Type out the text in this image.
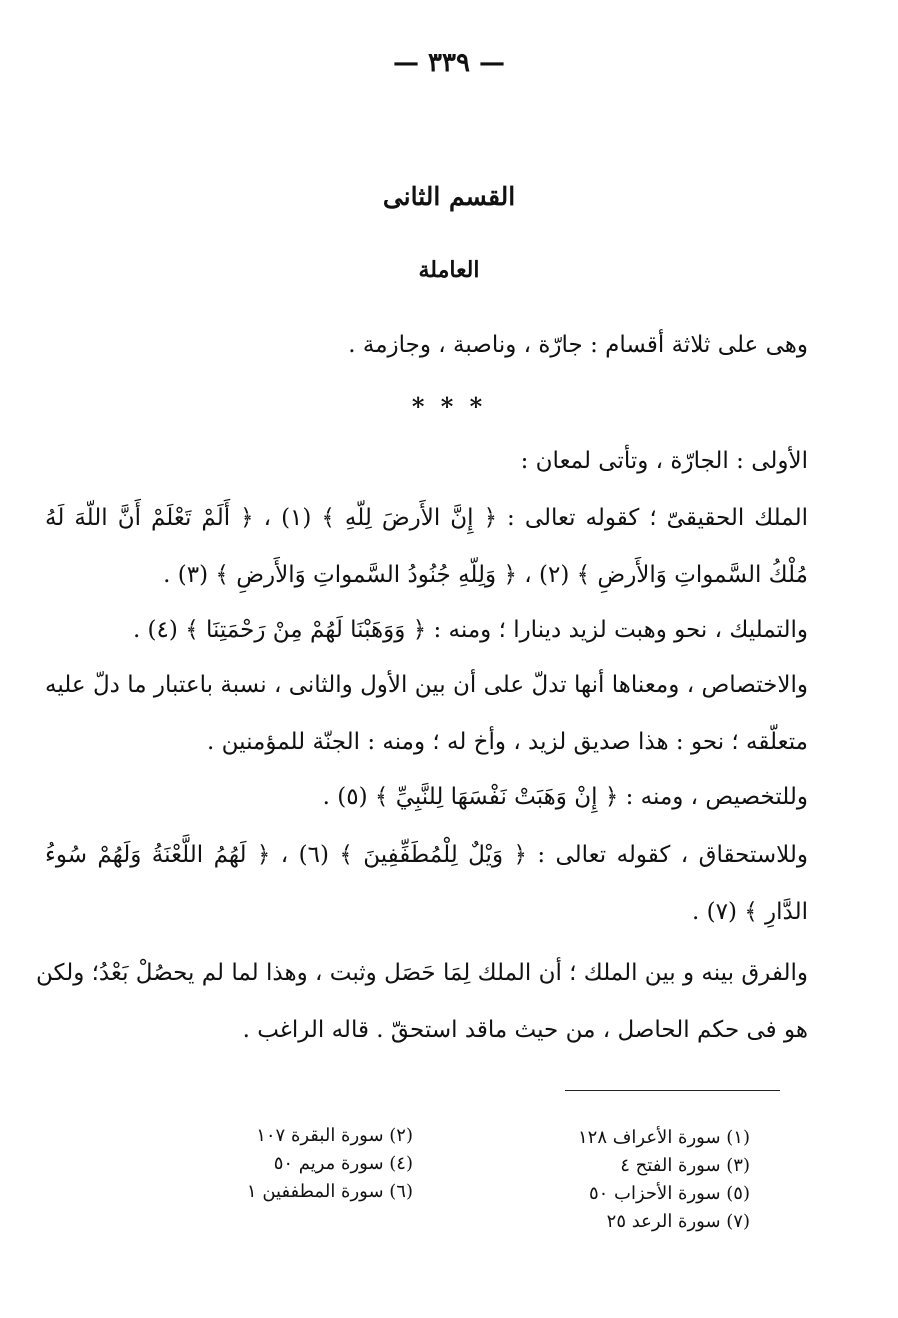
— ٣٣٩ —
القسم الثانى
العاملة
وهى على ثلاثة أقسام : جارّة ، وناصبة ، وجازمة .
* * *
الأولى : الجارّة ، وتأتى لمعان :
الملك الحقيقىّ ؛ كقوله تعالى : ﴿ إِنَّ الأَرضَ لِلّهِ ﴾ (١) ، ﴿ أَلَمْ تَعْلَمْ أَنَّ اللّهَ لَهُ
مُلْكُ السَّمواتِ وَالأَرضِ ﴾ (٢) ، ﴿ وَلِلّهِ جُنُودُ السَّمواتِ وَالأَرضِ ﴾ (٣) .
والتمليك ، نحو وهبت لزيد دينارا ؛ ومنه : ﴿ وَوَهَبْنَا لَهُمْ مِنْ رَحْمَتِنَا ﴾ (٤) .
والاختصاص ، ومعناها أنها تدلّ على أن بين الأول والثانى ، نسبة باعتبار ما دلّ عليه
متعلّقه ؛ نحو : هذا صديق لزيد ، وأخ له ؛ ومنه : الجنّة للمؤمنين .
وللتخصيص ، ومنه : ﴿ إِنْ وَهَبَتْ نَفْسَهَا لِلنَّبِيِّ ﴾ (٥) .
وللاستحقاق ، كقوله تعالى : ﴿ وَيْلٌ لِلْمُطَفِّفِينَ ﴾ (٦) ، ﴿ لَهُمُ اللَّعْنَةُ وَلَهُمْ سُوءُ
الدَّارِ ﴾ (٧) .
والفرق بينه و بين الملك ؛ أن الملك لِمَا حَصَل وثبت ، وهذا لما لم يحصُلْ بَعْدُ؛ ولكن
هو فى حكم الحاصل ، من حيث ماقد استحقّ . قاله الراغب .
(١) سورة الأعراف ١٢٨
(٢) سورة البقرة ١٠٧
(٣) سورة الفتح ٤
(٤) سورة مريم ٥٠
(٥) سورة الأحزاب ٥٠
(٦) سورة المطففين ١
(٧) سورة الرعد ٢٥
